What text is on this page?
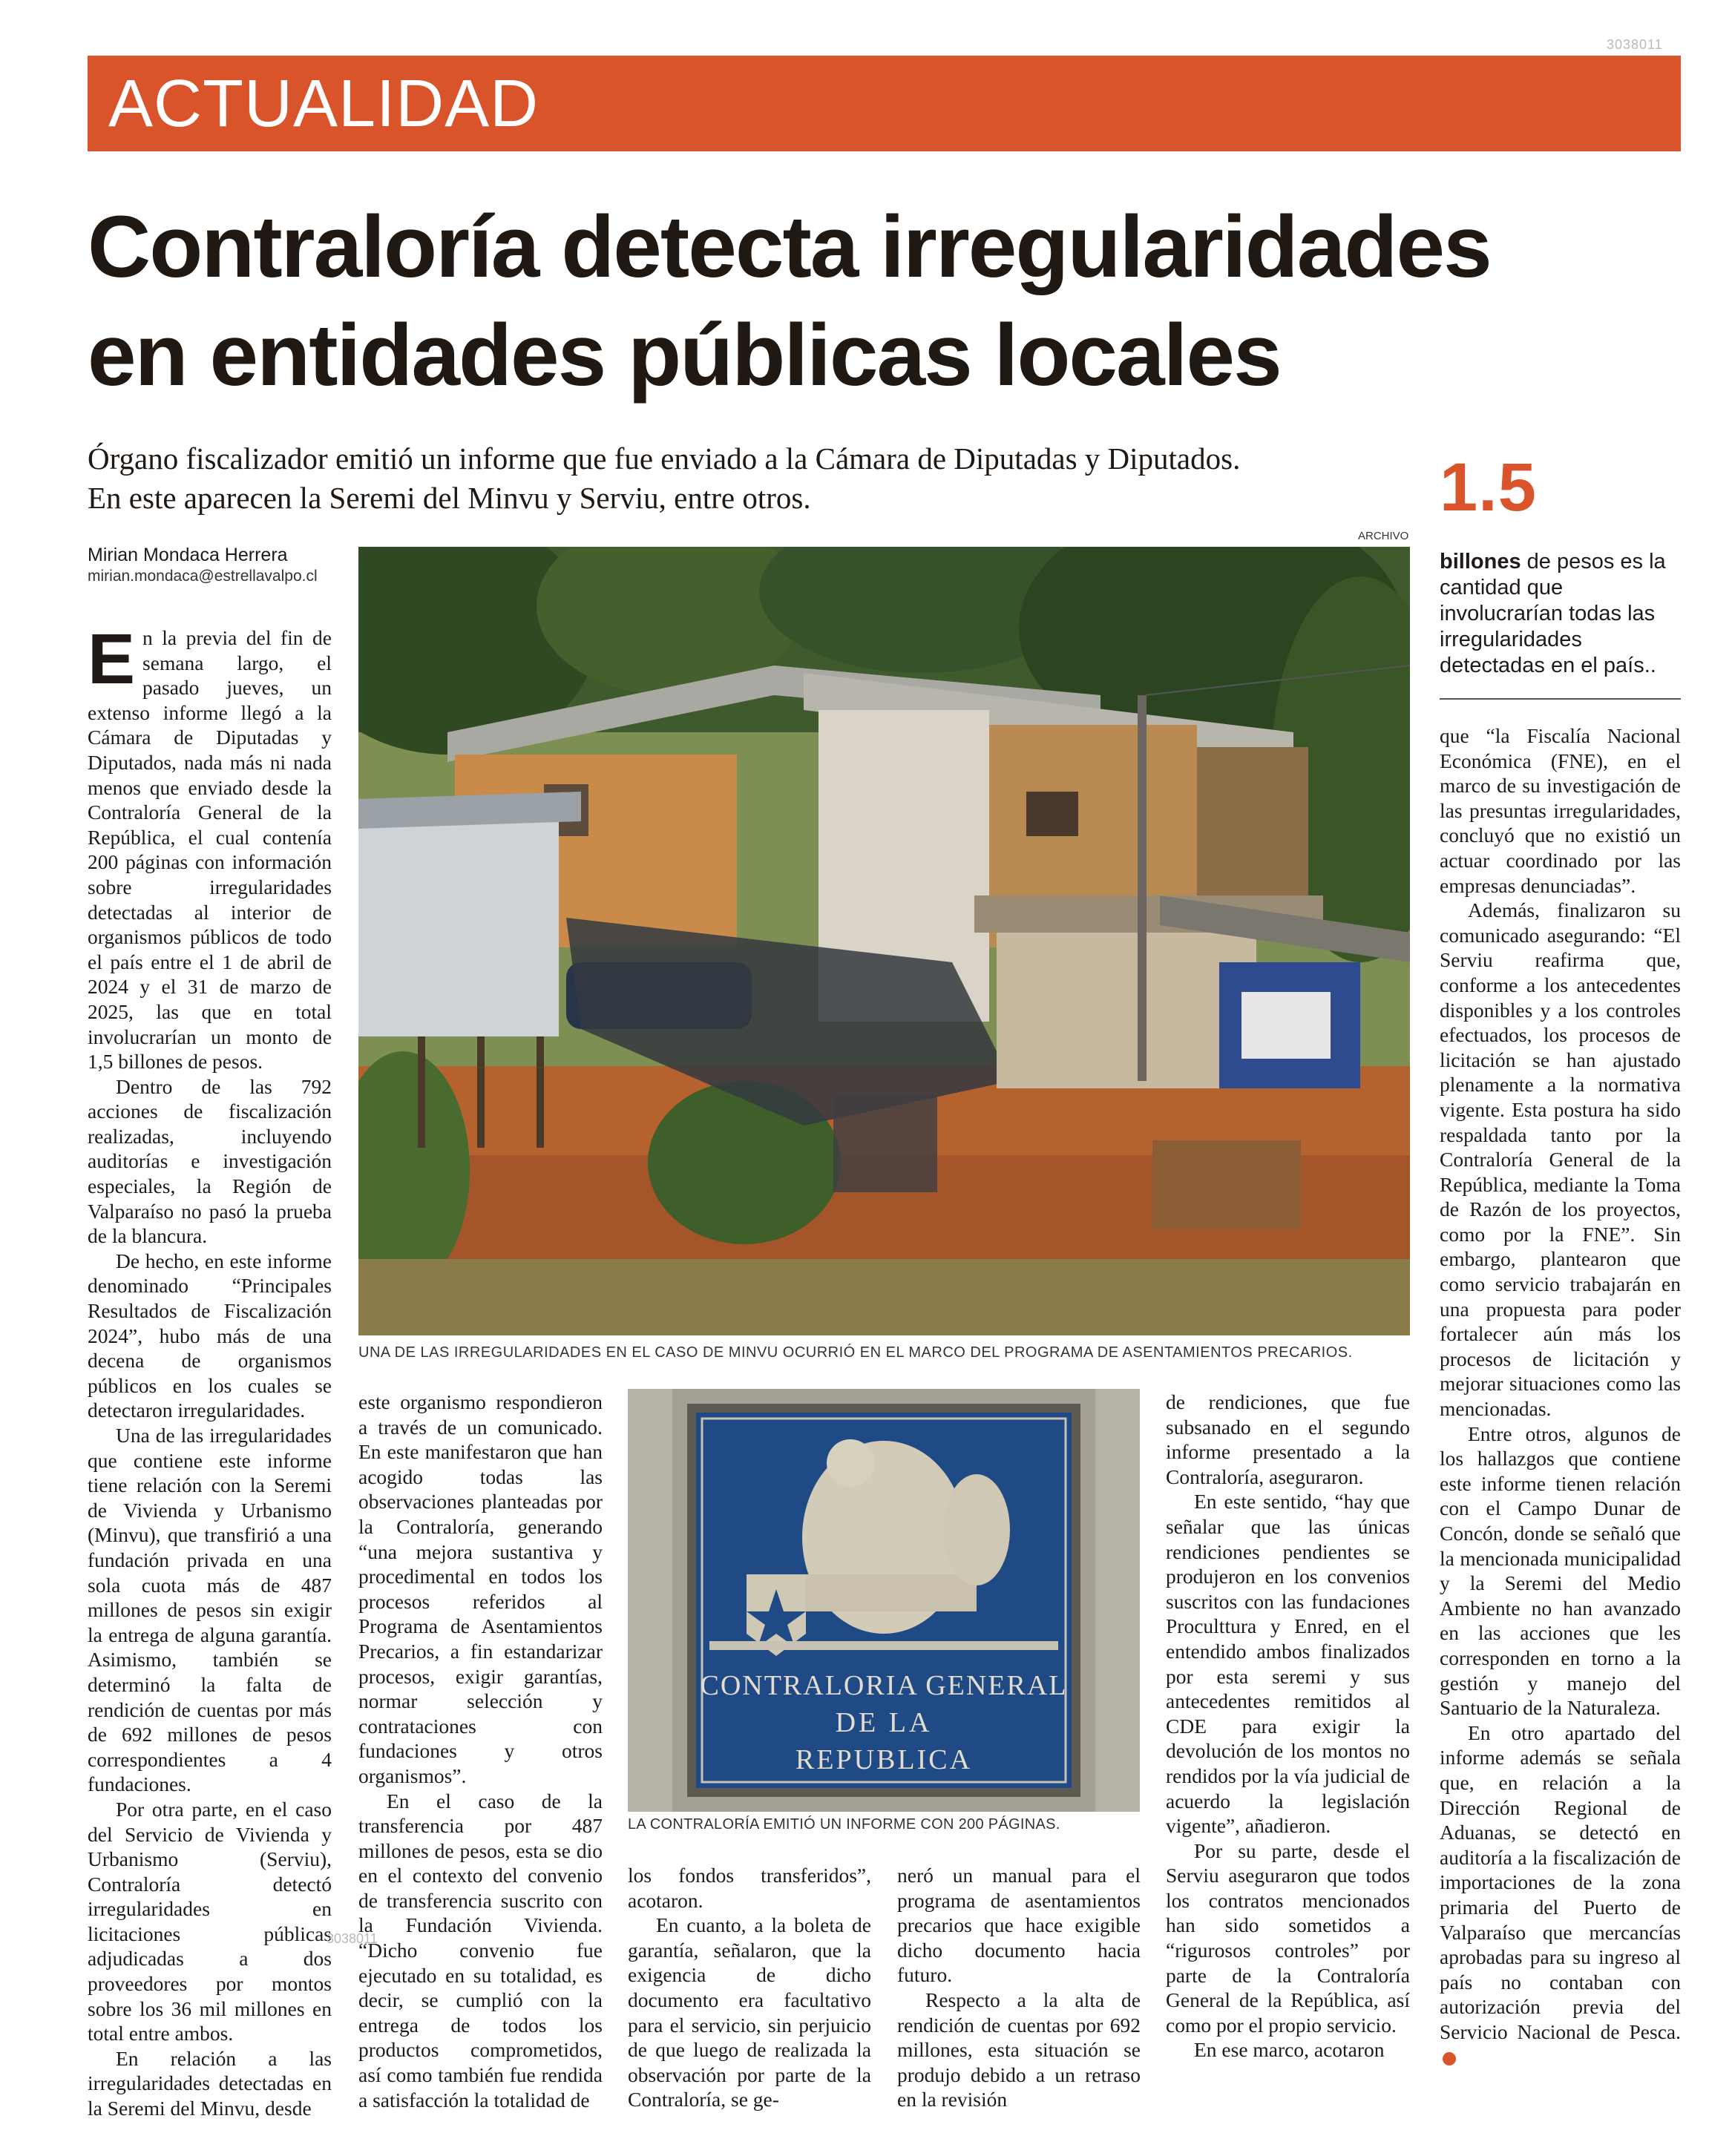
3038011
ACTUALIDAD
Contraloría detecta irregularidades
en entidades públicas locales
Órgano fiscalizador emitió un informe que fue enviado a la Cámara de Diputadas y Diputados.
En este aparecen la Seremi del Minvu y Serviu, entre otros.	1.5
billones de pesos es la cantidad que involucrarían todas las irregularidades detectadas en el país..
Mirian Mondaca Herrera
mirian.mondaca@estrellavalpo.cl
ARCHIVO
UNA DE LAS IRREGULARIDADES EN EL CASO DE MINVU OCURRIÓ EN EL MARCO DEL PROGRAMA DE ASENTAMIENTOS PRECARIOS.
CONTRALORIA GENERAL
DE LA
REPUBLICA
LA CONTRALORÍA EMITIÓ UN INFORME CON 200 PÁGINAS.

En la previa del fin de semana largo, el pasado jueves, un extenso informe llegó a la Cámara de Diputadas y Diputados, nada más ni nada menos que enviado desde la Contraloría General de la República, el cual contenía 200 páginas con información sobre irregularidades detectadas al interior de organismos públicos de todo el país entre el 1 de abril de 2024 y el 31 de marzo de 2025, las que en total involucrarían un monto de 1,5 billones de pesos.

Dentro de las 792 acciones de fiscalización realizadas, incluyendo auditorías e investigación especiales, la Región de Valparaíso no pasó la prueba de la blancura.

De hecho, en este informe denominado “Principales Resultados de Fiscalización 2024”, hubo más de una decena de organismos públicos en los cuales se detectaron irregularidades.

Una de las irregularidades que contiene este informe tiene relación con la Seremi de Vivienda y Urbanismo (Minvu), que transfirió a una fundación privada en una sola cuota más de 487 millones de pesos sin exigir la entrega de alguna garantía. Asimismo, también se determinó la falta de rendición de cuentas por más de 692 millones de pesos correspondientes a 4 fundaciones.

Por otra parte, en el caso del Servicio de Vivienda y Urbanismo (Serviu), Contraloría detectó irregularidades en licitaciones públicas adjudicadas a dos proveedores por montos sobre los 36 mil millones en total entre ambos.

En relación a las irregularidades detectadas en la Seremi del Minvu, desde

este organismo respondieron a través de un comunicado. En este manifestaron que han acogido todas las observaciones planteadas por la Contraloría, generando “una mejora sustantiva y procedimental en todos los procesos referidos al Programa de Asentamientos Precarios, a fin estandarizar procesos, exigir garantías, normar selección y contrataciones con fundaciones y otros organismos”.

En el caso de la transferencia por 487 millones de pesos, esta se dio en el contexto del convenio de transferencia suscrito con la Fundación Vivienda. “Dicho convenio fue ejecutado en su totalidad, es decir, se cumplió con la entrega de todos los productos comprometidos, así como también fue rendida a satisfacción la totalidad de

los fondos transferidos”, acotaron.

En cuanto, a la boleta de garantía, señalaron, que la exigencia de dicho documento era facultativo para el servicio, sin perjuicio de que luego de realizada la observación por parte de la Contraloría, se ge-

neró un manual para el programa de asentamientos precarios que hace exigible dicho documento hacia futuro.

Respecto a la alta de rendición de cuentas por 692 millones, esta situación se produjo debido a un retraso en la revisión

de rendiciones, que fue subsanado en el segundo informe presentado a la Contraloría, aseguraron.

En este sentido, “hay que señalar que las únicas rendiciones pendientes se produjeron en los convenios suscritos con las fundaciones Proculttura y Enred, en el entendido ambos finalizados por esta seremi y sus antecedentes remitidos al CDE para exigir la devolución de los montos no rendidos por la vía judicial de acuerdo la legislación vigente”, añadieron.

Por su parte, desde el Serviu aseguraron que todos los contratos mencionados han sido sometidos a “rigurosos controles” por parte de la Contraloría General de la República, así como por el propio servicio.

En ese marco, acotaron

que “la Fiscalía Nacional Económica (FNE), en el marco de su investigación de las presuntas irregularidades, concluyó que no existió un actuar coordinado por las empresas denunciadas”.

Además, finalizaron su comunicado asegurando: “El Serviu reafirma que, conforme a los antecedentes disponibles y a los controles efectuados, los procesos de licitación se han ajustado plenamente a la normativa vigente. Esta postura ha sido respaldada tanto por la Contraloría General de la República, mediante la Toma de Razón de los proyectos, como por la FNE”. Sin embargo, plantearon que como servicio trabajarán en una propuesta para poder fortalecer aún más los procesos de licitación y mejorar situaciones como las mencionadas.

Entre otros, algunos de los hallazgos que contiene este informe tienen relación con el Campo Dunar de Concón, donde se señaló que la mencionada municipalidad y la Seremi del Medio Ambiente no han avanzado en las acciones que les corresponden en torno a la gestión y manejo del Santuario de la Naturaleza.

En otro apartado del informe además se señala que, en relación a la Dirección Regional de Aduanas, se detectó en auditoría a la fiscalización de importaciones de la zona primaria del Puerto de Valparaíso que mercancías aprobadas para su ingreso al país no contaban con autorización previa del Servicio Nacional de Pesca.

3038011
